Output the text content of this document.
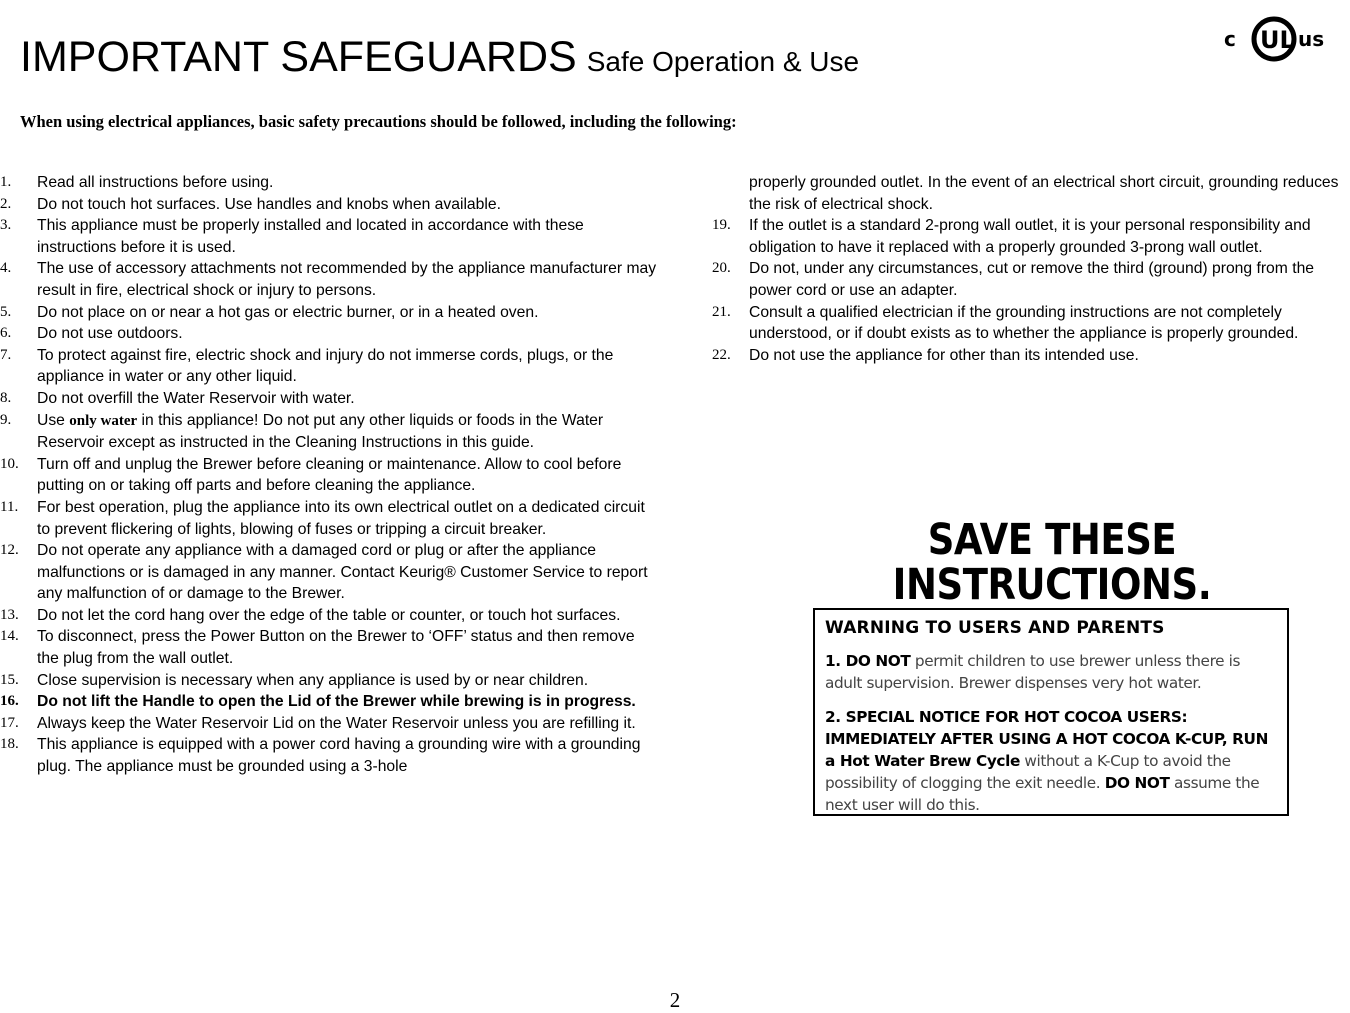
IMPORTANT SAFEGUARDS Safe Operation & Use
c UL us
When using electrical appliances, basic safety precautions should be followed, including the following:
1. Read all instructions before using.
2. Do not touch hot surfaces. Use handles and knobs when available.
3. This appliance must be properly installed and located in accordance with these instructions before it is used.
4. The use of accessory attachments not recommended by the appliance manufacturer may result in fire, electrical shock or injury to persons.
5. Do not place on or near a hot gas or electric burner, or in a heated oven.
6. Do not use outdoors.
7. To protect against fire, electric shock and injury do not immerse cords, plugs, or the appliance in water or any other liquid.
8. Do not overfill the Water Reservoir with water.
9. Use only water in this appliance! Do not put any other liquids or foods in the Water Reservoir except as instructed in the Cleaning Instructions in this guide.
10. Turn off and unplug the Brewer before cleaning or maintenance. Allow to cool before putting on or taking off parts and before cleaning the appliance.
11. For best operation, plug the appliance into its own electrical outlet on a dedicated circuit to prevent flickering of lights, blowing of fuses or tripping a circuit breaker.
12. Do not operate any appliance with a damaged cord or plug or after the appliance malfunctions or is damaged in any manner. Contact Keurig® Customer Service to report any malfunction of or damage to the Brewer.
13. Do not let the cord hang over the edge of the table or counter, or touch hot surfaces.
14. To disconnect, press the Power Button on the Brewer to ‘OFF’ status and then remove the plug from the wall outlet.
15. Close supervision is necessary when any appliance is used by or near children.
16. Do not lift the Handle to open the Lid of the Brewer while brewing is in progress.
17. Always keep the Water Reservoir Lid on the Water Reservoir unless you are refilling it.
18. This appliance is equipped with a power cord having a grounding wire with a grounding plug. The appliance must be grounded using a 3-hole
properly grounded outlet. In the event of an electrical short circuit, grounding reduces the risk of electrical shock.
19. If the outlet is a standard 2-prong wall outlet, it is your personal responsibility and obligation to have it replaced with a properly grounded 3-prong wall outlet.
20. Do not, under any circumstances, cut or remove the third (ground) prong from the power cord or use an adapter.
21. Consult a qualified electrician if the grounding instructions are not completely understood, or if doubt exists as to whether the appliance is properly grounded.
22. Do not use the appliance for other than its intended use.
SAVE THESE
INSTRUCTIONS.
WARNING TO USERS AND PARENTS
1. DO NOT permit children to use brewer unless there is adult supervision. Brewer dispenses very hot water.
2. SPECIAL NOTICE FOR HOT COCOA USERS: IMMEDIATELY AFTER USING A HOT COCOA K-CUP, RUN a Hot Water Brew Cycle without a K-Cup to avoid the possibility of clogging the exit needle. DO NOT assume the next user will do this.
2
